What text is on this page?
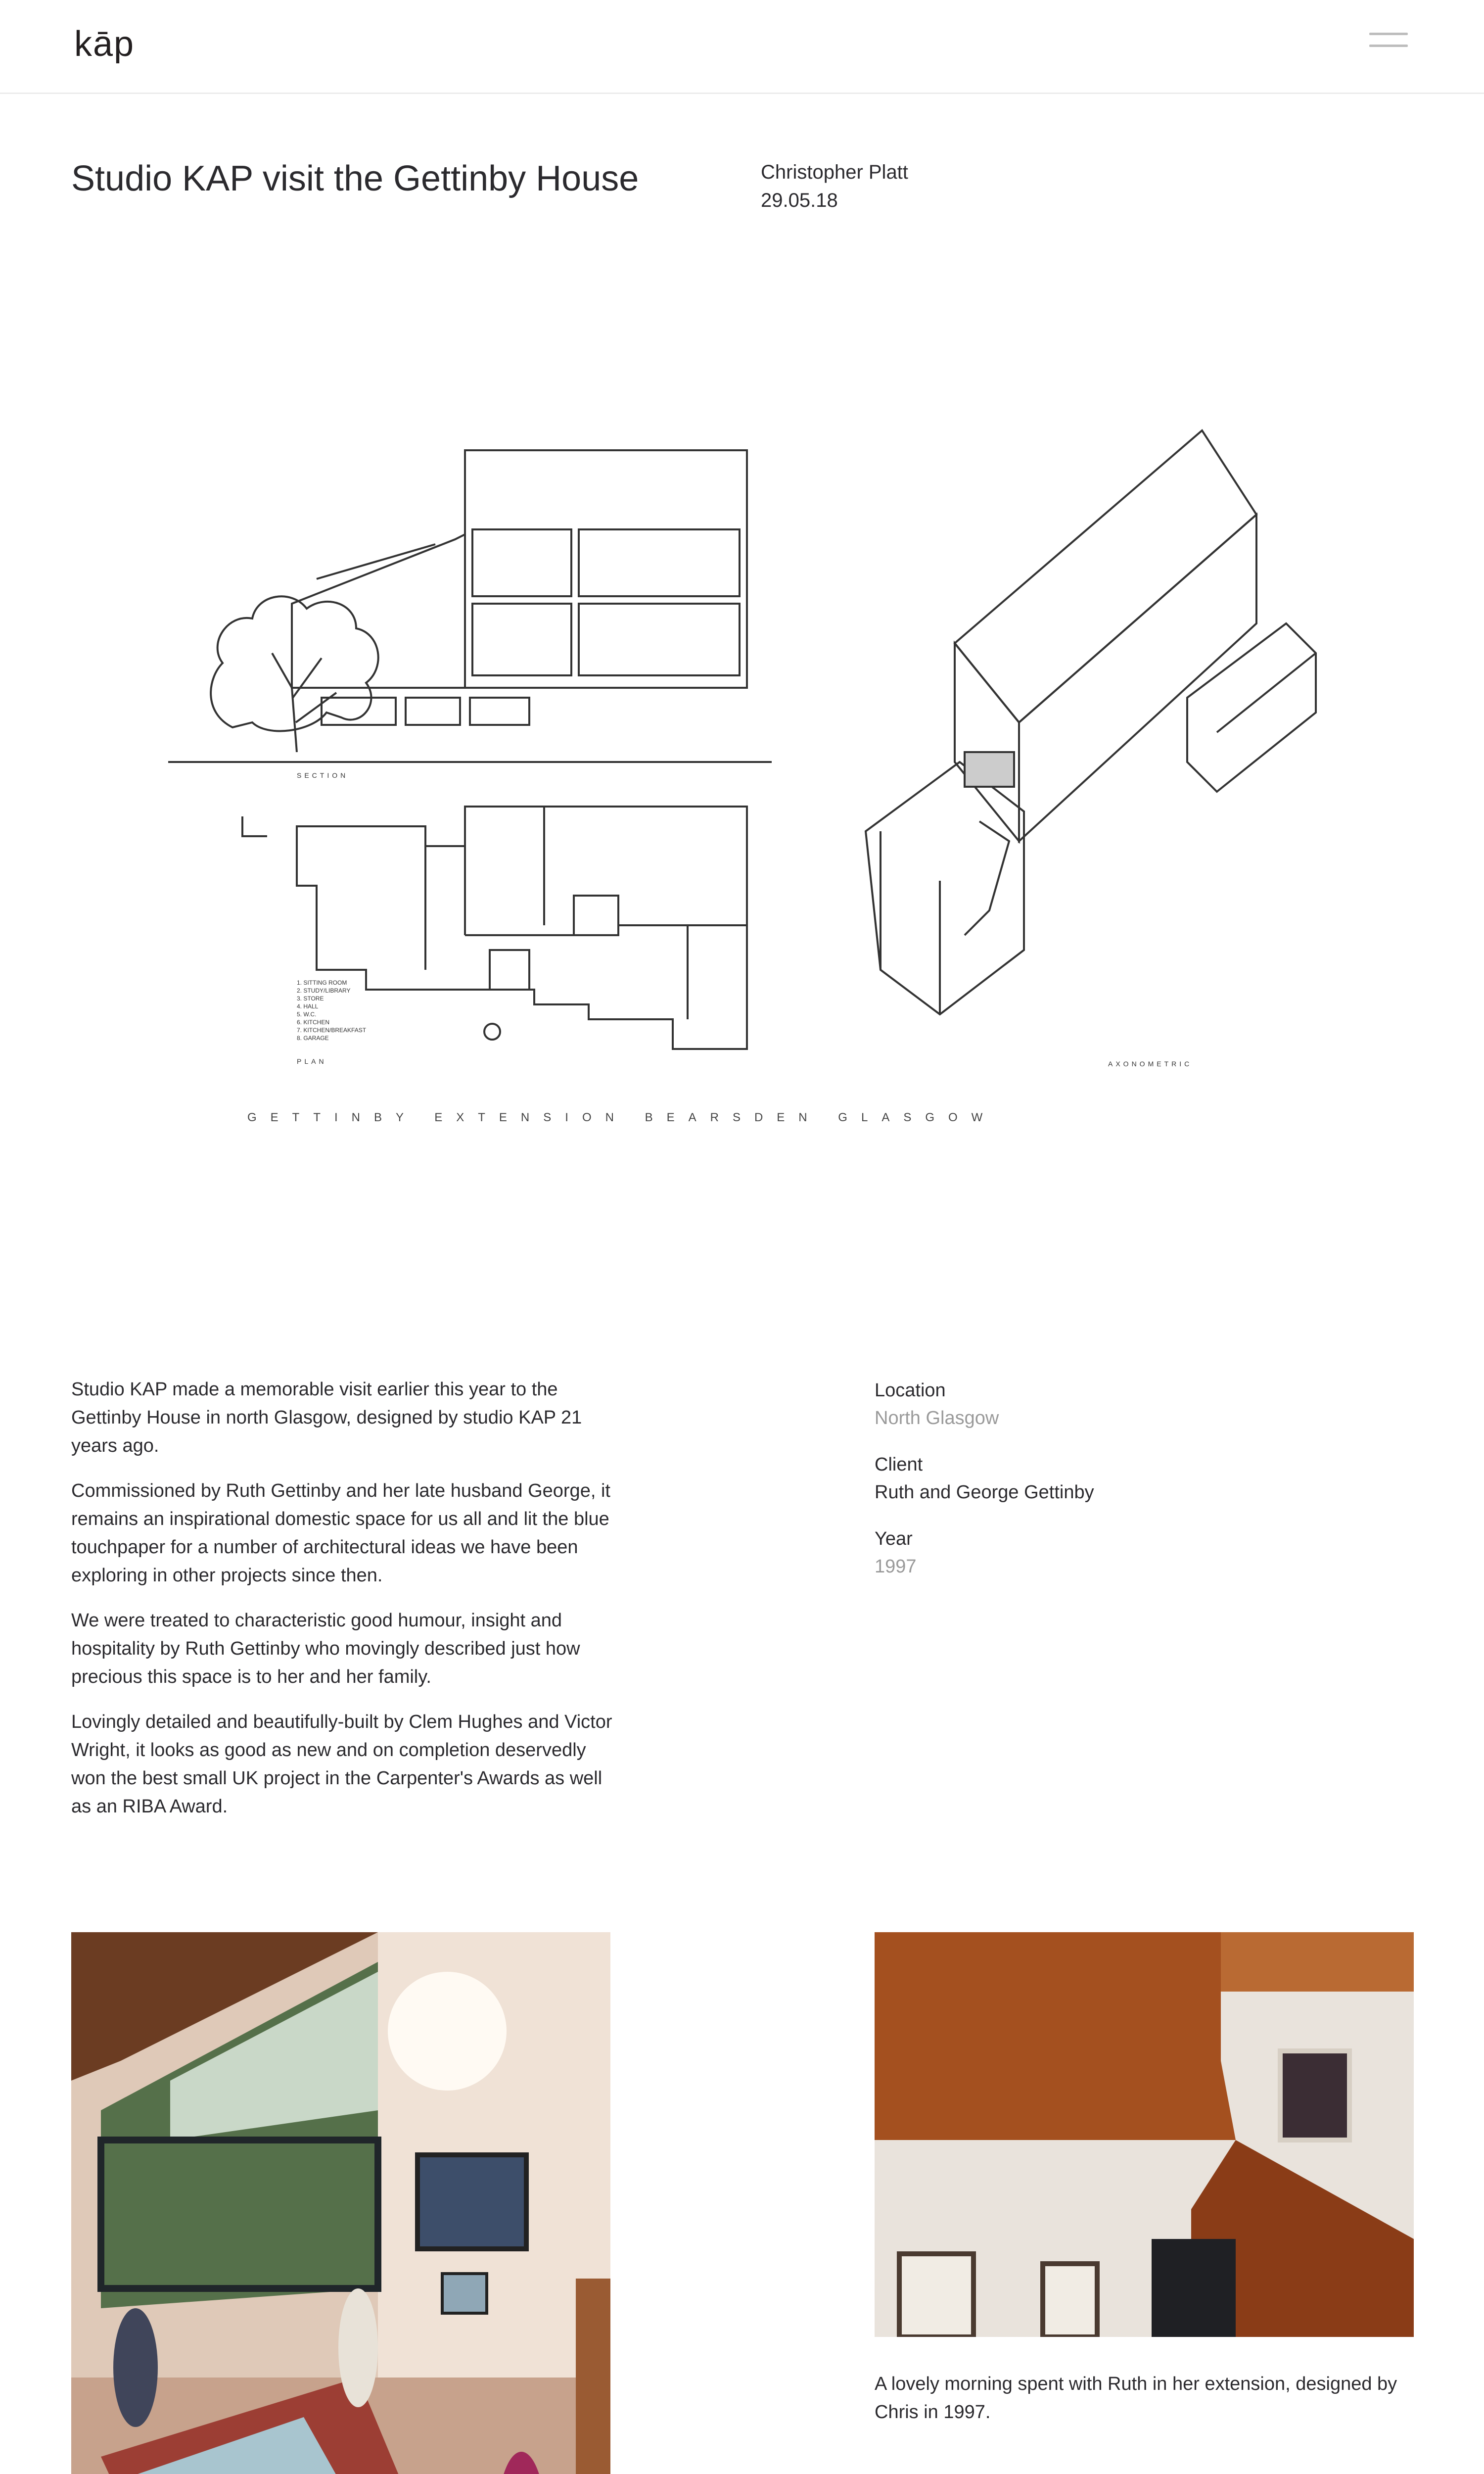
kāp
Studio KAP visit the Gettinby House	Christopher Platt
29.05.18
SECTION
PLAN
1. SITTING ROOM
2. STUDY/LIBRARY
3. STORE
4. HALL
5. W.C.
6. KITCHEN
7. KITCHEN/BREAKFAST
8. GARAGE
AXONOMETRIC
GETTINBY EXTENSION BEARSDEN GLASGOW

Studio KAP made a memorable visit earlier this year to the Gettinby House in north Glasgow, designed by studio KAP 21 years ago.

Commissioned by Ruth Gettinby and her late husband George, it remains an inspirational domestic space for us all and lit the blue touchpaper for a number of architectural ideas we have been exploring in other projects since then.

We were treated to characteristic good humour, insight and hospitality by Ruth Gettinby who movingly described just how precious this space is to her and her family.

Lovingly detailed and beautifully-built by Clem Hughes and Victor Wright, it looks as good as new and on completion deservedly won the best small UK project in the Carpenter's Awards as well as an RIBA Award.

Location
North Glasgow
Client
Ruth and George Gettinby
Year
1997

A lovely morning spent with Ruth in her extension, designed by Chris in 1997.
